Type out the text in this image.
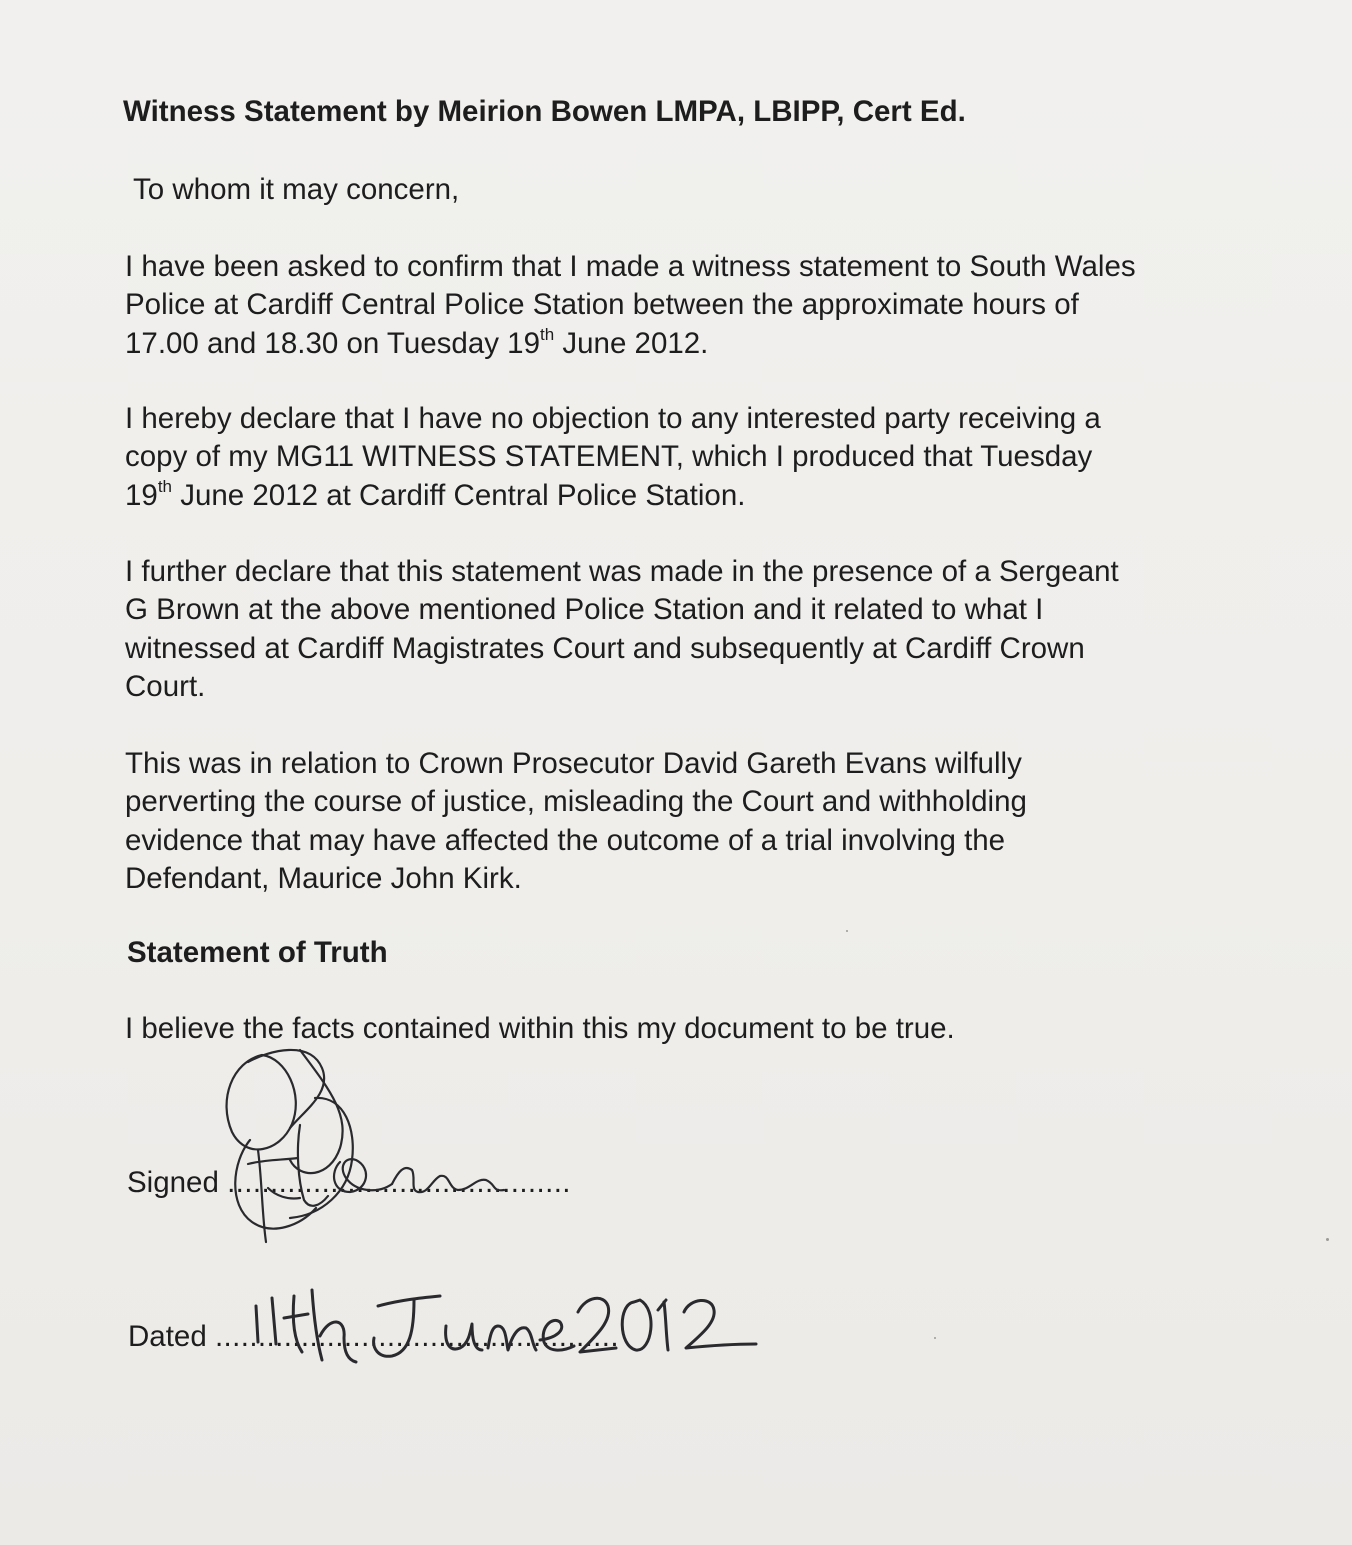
Witness Statement by Meirion Bowen LMPA, LBIPP, Cert Ed.
To whom it may concern,
I have been asked to confirm that I made a witness statement to South Wales
Police at Cardiff Central Police Station between the approximate hours of
17.00 and 18.30 on Tuesday 19th June 2012.
I hereby declare that I have no objection to any interested party receiving a
copy of my MG11 WITNESS STATEMENT, which I produced that Tuesday
19th June 2012 at Cardiff Central Police Station.
I further declare that this statement was made in the presence of a Sergeant
G Brown at the above mentioned Police Station and it related to what I
witnessed at Cardiff Magistrates Court and subsequently at Cardiff Crown
Court.
This was in relation to Crown Prosecutor David Gareth Evans wilfully
perverting the course of justice, misleading the Court and withholding
evidence that may have affected the outcome of a trial involving the
Defendant, Maurice John Kirk.
Statement of Truth
I believe the facts contained within this my document to be true.
Signed ........................................
Dated ...............................................
